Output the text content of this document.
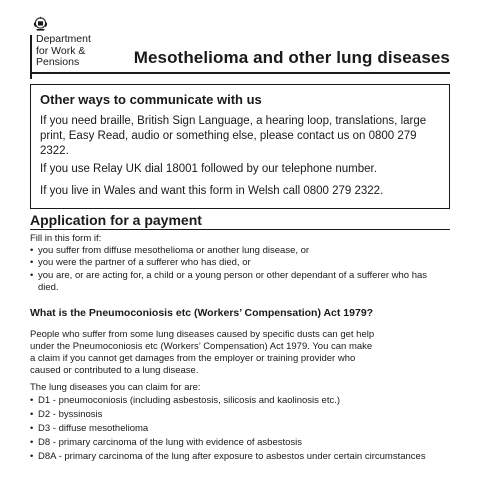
Department
for Work &
Pensions	Mesothelioma and other lung diseases
Other ways to communicate with us
If you need braille, British Sign Language, a hearing loop, translations, large print, Easy Read, audio or something else, please contact us on 0800 279 2322.
If you use Relay UK dial 18001 followed by our telephone number.
If you live in Wales and want this form in Welsh call 0800 279 2322.
Application for a payment
Fill in this form if:
• you suffer from diffuse mesothelioma or another lung disease, or
• you were the partner of a sufferer who has died, or
• you are, or are acting for, a child or a young person or other dependant of a sufferer who has died.
What is the Pneumoconiosis etc (Workers’ Compensation) Act 1979?
People who suffer from some lung diseases caused by specific dusts can get help under the Pneumoconiosis etc (Workers’ Compensation) Act 1979. You can make a claim if you cannot get damages from the employer or training provider who caused or contributed to a lung disease.
The lung diseases you can claim for are:
• D1 - pneumoconiosis (including asbestosis, silicosis and kaolinosis etc.)
• D2 - byssinosis
• D3 - diffuse mesothelioma
• D8 - primary carcinoma of the lung with evidence of asbestosis
• D8A - primary carcinoma of the lung after exposure to asbestos under certain circumstances
